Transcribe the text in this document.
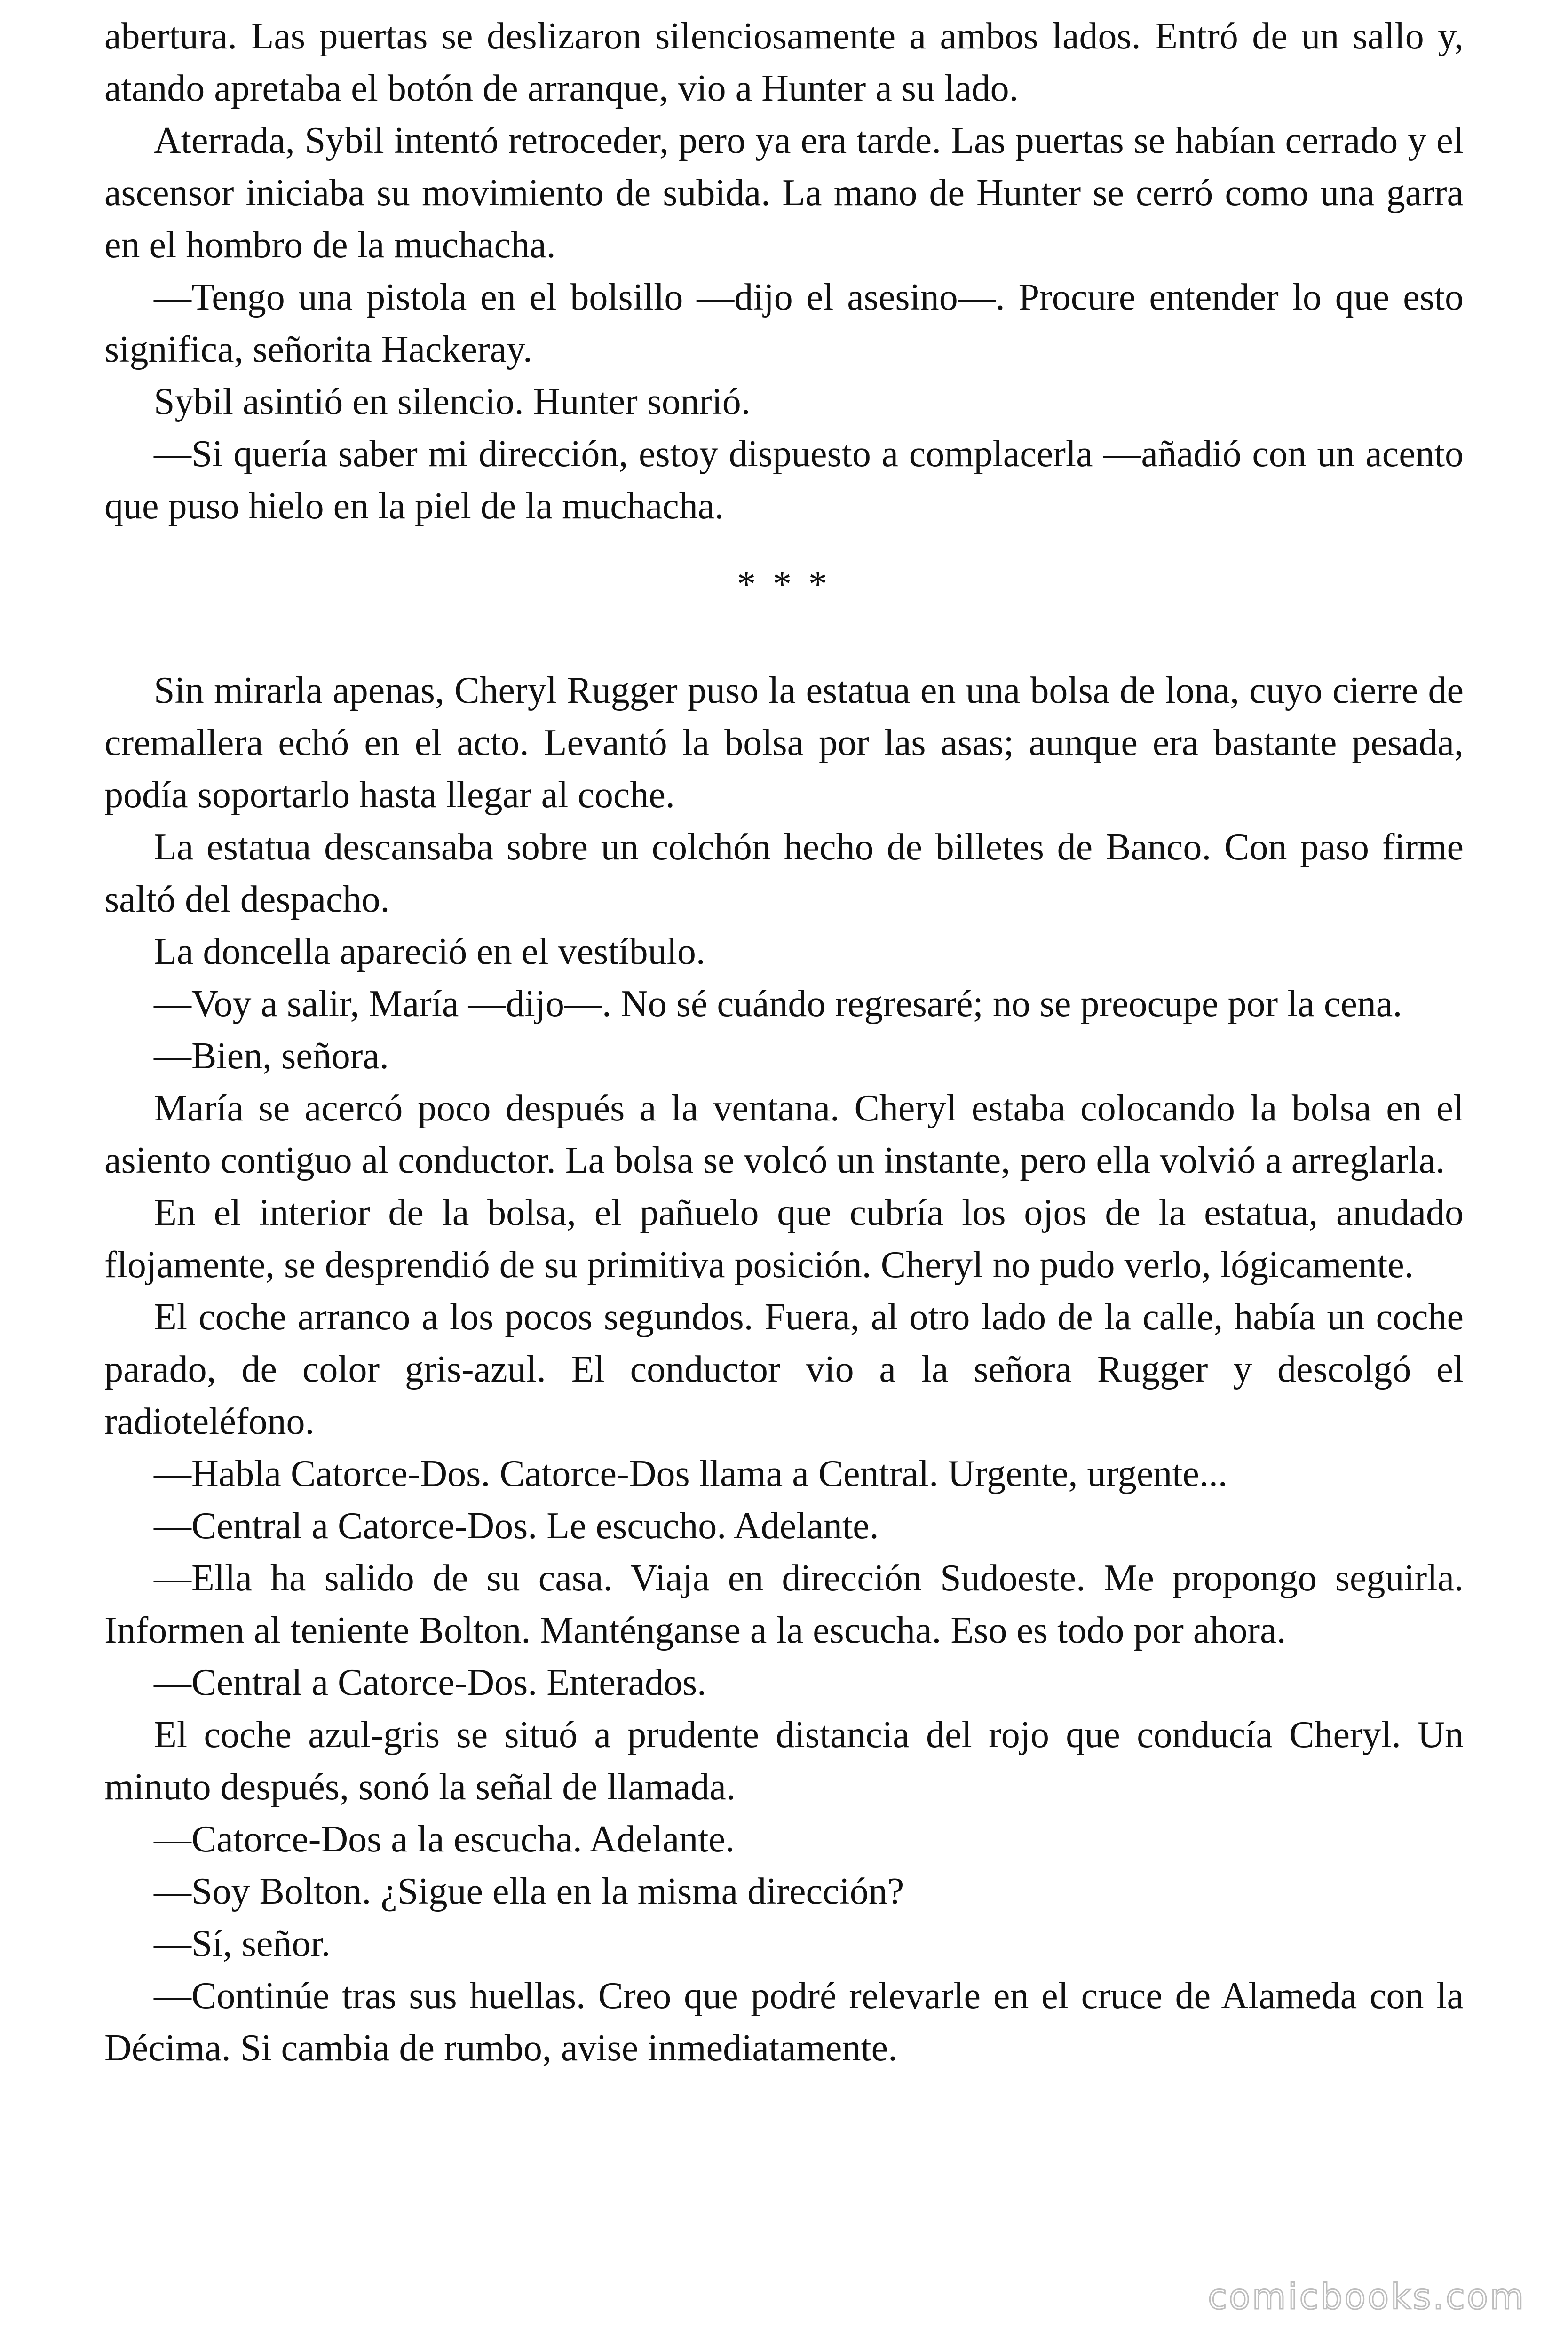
abertura. Las puertas se deslizaron silenciosamente a ambos lados. Entró de un sallo y, atando apretaba el botón de arranque, vio a Hunter a su lado.

Aterrada, Sybil intentó retroceder, pero ya era tarde. Las puertas se habían cerrado y el ascensor iniciaba su movimiento de subida. La mano de Hunter se cerró como una garra en el hombro de la muchacha.

—Tengo una pistola en el bolsillo —dijo el asesino—. Procure entender lo que esto significa, señorita Hackeray.

Sybil asintió en silencio. Hunter sonrió.

—Si quería saber mi dirección, estoy dispuesto a complacerla —añadió con un acento que puso hielo en la piel de la muchacha.

* * *

Sin mirarla apenas, Cheryl Rugger puso la estatua en una bolsa de lona, cuyo cierre de cremallera echó en el acto. Levantó la bolsa por las asas; aunque era bastante pesada, podía soportarlo hasta llegar al coche.

La estatua descansaba sobre un colchón hecho de billetes de Banco. Con paso firme saltó del despacho.

La doncella apareció en el vestíbulo.

—Voy a salir, María —dijo—. No sé cuándo regresaré; no se preocupe por la cena.

—Bien, señora.

María se acercó poco después a la ventana. Cheryl estaba colocando la bolsa en el asiento contiguo al conductor. La bolsa se volcó un instante, pero ella volvió a arreglarla.

En el interior de la bolsa, el pañuelo que cubría los ojos de la estatua, anudado flojamente, se desprendió de su primitiva posición. Cheryl no pudo verlo, lógicamente.

El coche arranco a los pocos segundos. Fuera, al otro lado de la calle, había un coche parado, de color gris-azul. El conductor vio a la señora Rugger y descolgó el radioteléfono.

—Habla Catorce-Dos. Catorce-Dos llama a Central. Urgente, urgente...

—Central a Catorce-Dos. Le escucho. Adelante.

—Ella ha salido de su casa. Viaja en dirección Sudoeste. Me propongo seguirla. Informen al teniente Bolton. Manténganse a la escucha. Eso es todo por ahora.

—Central a Catorce-Dos. Enterados.

El coche azul-gris se situó a prudente distancia del rojo que conducía Cheryl. Un minuto después, sonó la señal de llamada.

—Catorce-Dos a la escucha. Adelante.

—Soy Bolton. ¿Sigue ella en la misma dirección?

—Sí, señor.

—Continúe tras sus huellas. Creo que podré relevarle en el cruce de Alameda con la Décima. Si cambia de rumbo, avise inmediatamente.

comicbooks.com
